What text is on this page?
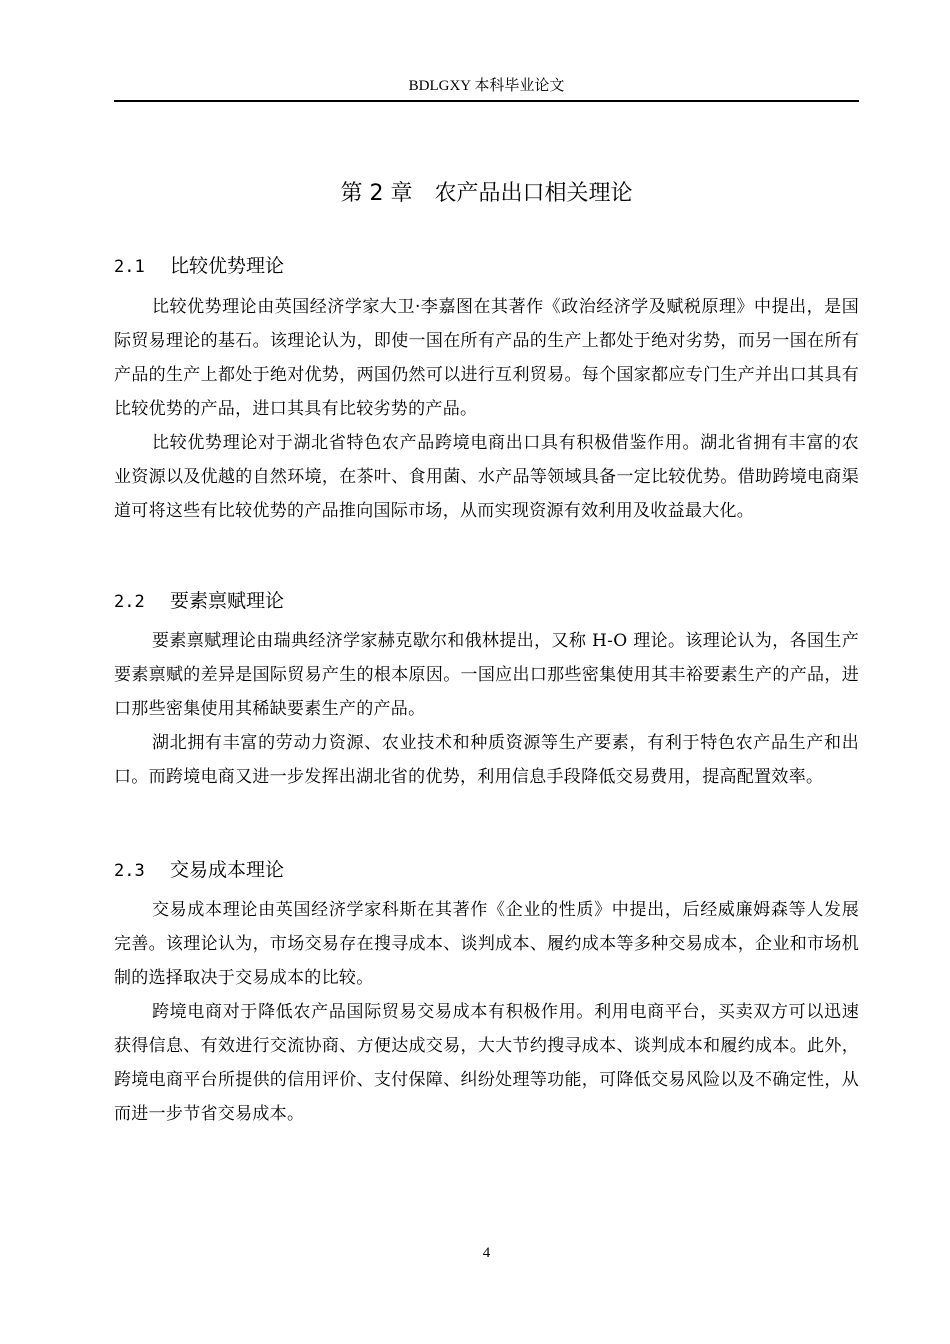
BDLGXY 本科毕业论文
第 2 章　农产品出口相关理论
2.1 比较优势理论

比较优势理论由英国经济学家大卫·李嘉图在其著作《政治经济学及赋税原理》中提出，是国际贸易理论的基石。该理论认为，即使一国在所有产品的生产上都处于绝对劣势，而另一国在所有产品的生产上都处于绝对优势，两国仍然可以进行互利贸易。每个国家都应专门生产并出口其具有比较优势的产品，进口其具有比较劣势的产品。

比较优势理论对于湖北省特色农产品跨境电商出口具有积极借鉴作用。湖北省拥有丰富的农业资源以及优越的自然环境，在茶叶、食用菌、水产品等领域具备一定比较优势。借助跨境电商渠道可将这些有比较优势的产品推向国际市场，从而实现资源有效利用及收益最大化。

2.2 要素禀赋理论

要素禀赋理论由瑞典经济学家赫克歇尔和俄林提出，又称 H-O 理论。该理论认为，各国生产要素禀赋的差异是国际贸易产生的根本原因。一国应出口那些密集使用其丰裕要素生产的产品，进口那些密集使用其稀缺要素生产的产品。

湖北拥有丰富的劳动力资源、农业技术和种质资源等生产要素，有利于特色农产品生产和出口。而跨境电商又进一步发挥出湖北省的优势，利用信息手段降低交易费用，提高配置效率。

2.3 交易成本理论

交易成本理论由英国经济学家科斯在其著作《企业的性质》中提出，后经威廉姆森等人发展完善。该理论认为，市场交易存在搜寻成本、谈判成本、履约成本等多种交易成本，企业和市场机制的选择取决于交易成本的比较。

跨境电商对于降低农产品国际贸易交易成本有积极作用。利用电商平台，买卖双方可以迅速获得信息、有效进行交流协商、方便达成交易，大大节约搜寻成本、谈判成本和履约成本。此外，跨境电商平台所提供的信用评价、支付保障、纠纷处理等功能，可降低交易风险以及不确定性，从而进一步节省交易成本。

4
